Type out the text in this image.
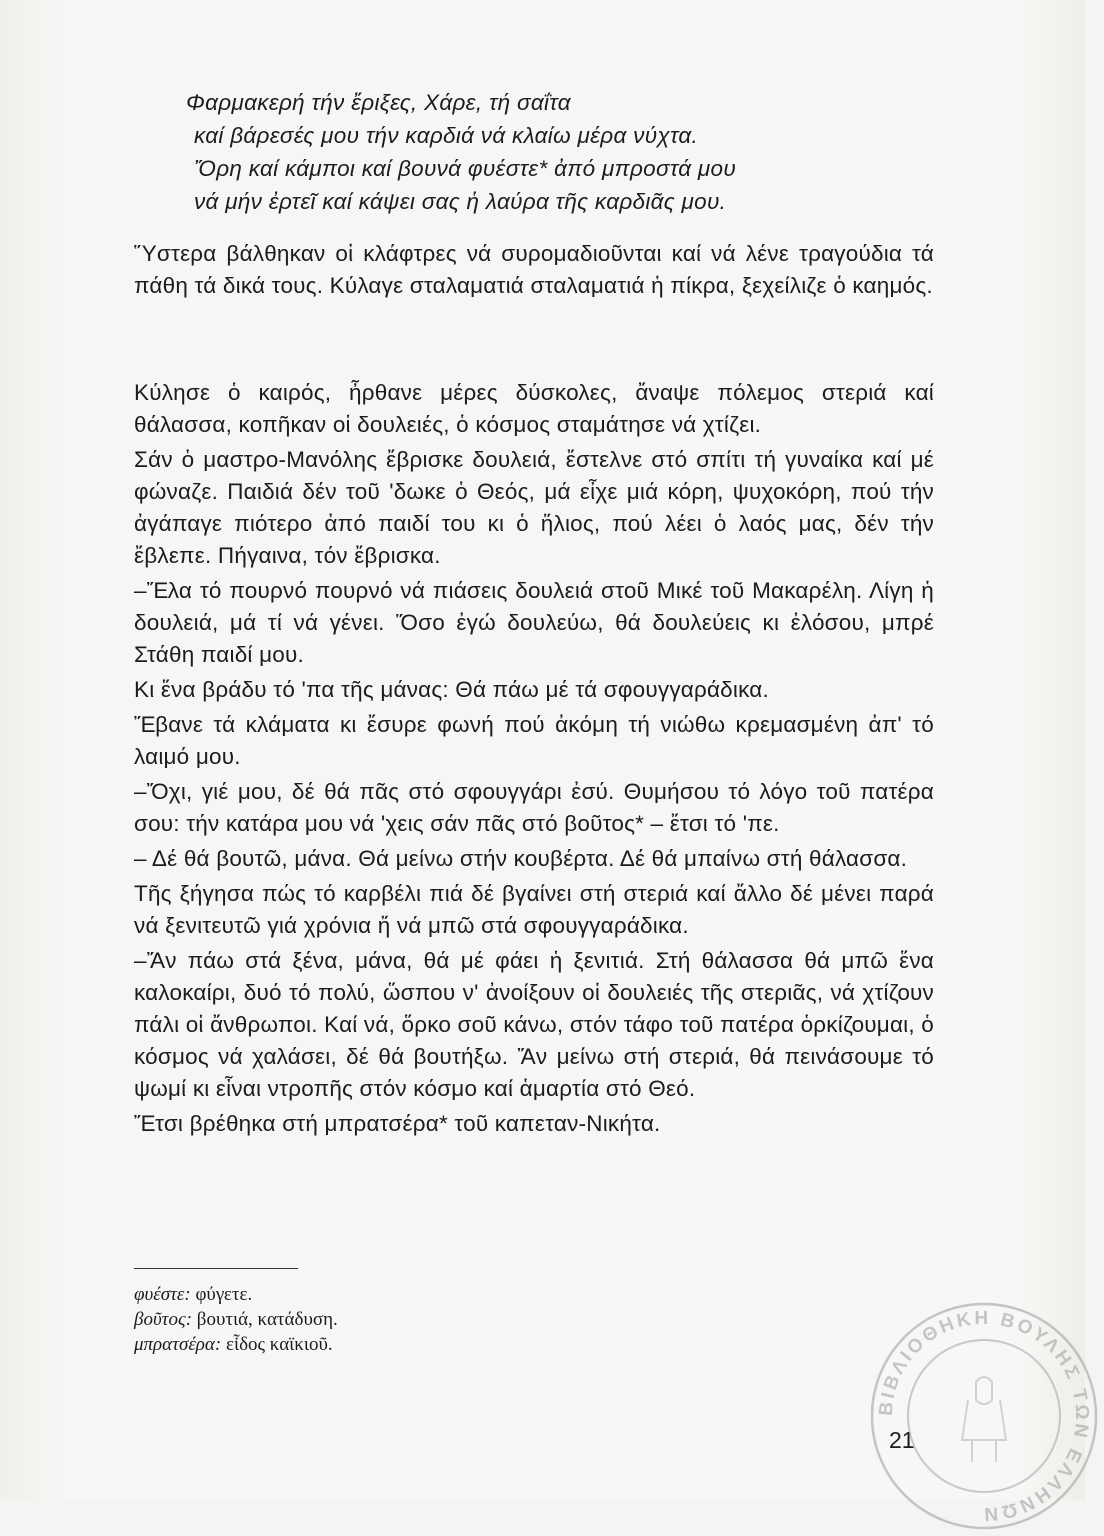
Φαρμακερή τήν ἔριξες, Χάρε, τή σαΐτα
καί βάρεσές μου τήν καρδιά νά κλαίω μέρα νύχτα.
Ὄρη καί κάμποι καί βουνά φυέστε* ἀπό μπροστά μου
νά μήν ἐρτεῖ καί κάψει σας ἡ λαύρα τῆς καρδιᾶς μου.

Ὕστερα βάλθηκαν οἱ κλάφτρες νά συρομαδιοῦνται καί νά λένε τραγούδια τά πάθη τά δικά τους. Κύλαγε σταλαματιά σταλαματιά ἡ πίκρα, ξεχείλιζε ὁ καημός.

Κύλησε ὁ καιρός, ἦρθανε μέρες δύσκολες, ἄναψε πόλεμος στεριά καί θάλασσα, κοπῆκαν οἱ δουλειές, ὁ κόσμος σταμάτησε νά χτίζει.

Σάν ὁ μαστρο-Μανόλης ἔβρισκε δουλειά, ἔστελνε στό σπίτι τή γυναίκα καί μέ φώναζε. Παιδιά δέν τοῦ 'δωκε ὁ Θεός, μά εἶχε μιά κόρη, ψυχοκόρη, πού τήν ἀγάπαγε πιότερο ἀπό παιδί του κι ὁ ἥλιος, πού λέει ὁ λαός μας, δέν τήν ἔβλεπε. Πήγαινα, τόν ἔβρισκα.

–Ἔλα τό πουρνό πουρνό νά πιάσεις δουλειά στοῦ Μικέ τοῦ Μακαρέλη. Λίγη ἡ δουλειά, μά τί νά γένει. Ὅσο ἐγώ δουλεύω, θά δουλεύεις κι ἐλόσου, μπρέ Στάθη παιδί μου.

Κι ἕνα βράδυ τό 'πα τῆς μάνας: Θά πάω μέ τά σφουγγαράδικα.

Ἔβανε τά κλάματα κι ἔσυρε φωνή πού ἀκόμη τή νιώθω κρεμασμένη ἀπ' τό λαιμό μου.

–Ὄχι, γιέ μου, δέ θά πᾶς στό σφουγγάρι ἐσύ. Θυμήσου τό λόγο τοῦ πατέρα σου: τήν κατάρα μου νά 'χεις σάν πᾶς στό βοῦτος* – ἔτσι τό 'πε.

– Δέ θά βουτῶ, μάνα. Θά μείνω στήν κουβέρτα. Δέ θά μπαίνω στή θάλασσα.

Τῆς ξήγησα πώς τό καρβέλι πιά δέ βγαίνει στή στεριά καί ἄλλο δέ μένει παρά νά ξενιτευτῶ γιά χρόνια ἤ νά μπῶ στά σφουγγαράδικα.

–Ἄν πάω στά ξένα, μάνα, θά μέ φάει ἡ ξενιτιά. Στή θάλασσα θά μπῶ ἕνα καλοκαίρι, δυό τό πολύ, ὥσπου ν' ἀνοίξουν οἱ δουλειές τῆς στεριᾶς, νά χτίζουν πάλι οἱ ἄνθρωποι. Καί νά, ὅρκο σοῦ κάνω, στόν τάφο τοῦ πατέρα ὁρκίζουμαι, ὁ κόσμος νά χαλάσει, δέ θά βουτήξω. Ἄν μείνω στή στεριά, θά πεινάσουμε τό ψωμί κι εἶναι ντροπῆς στόν κόσμο καί ἁμαρτία στό Θεό.

Ἔτσι βρέθηκα στή μπρατσέρα* τοῦ καπεταν-Νικήτα.

φυέστε: φύγετε.
βοῦτος: βουτιά, κατάδυση.
μπρατσέρα: εἶδος καϊκιοῦ.
21
ΒΙΒΛΙΟΘΗΚΗ ΒΟΥΛΗΣ ΤΩΝ ΕΛΛΗΝΩΝ
